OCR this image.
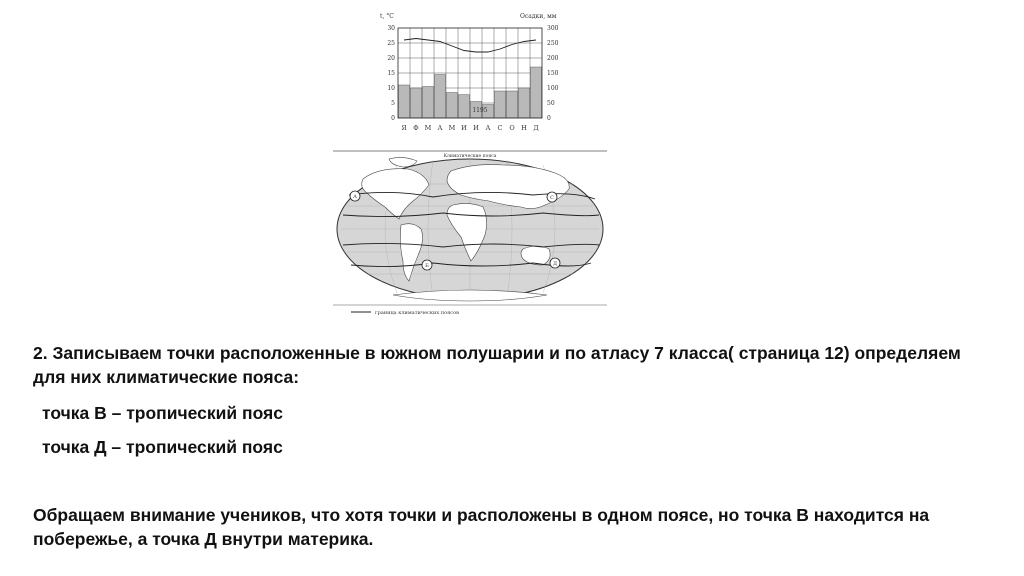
t, °С	Осадки, мм
30
25
20
15
10
5
0
300
250
200
150
100
50
0
1195
Я Ф М А М И И А С О Н Д
Климатические пояса
А	С
Б	Д
граница климатических поясов

2. Записываем точки расположенные в южном полушарии и по атласу 7 класса( страница 12) определяем для них климатические пояса:

точка В – тропический пояс

точка Д – тропический пояс

Обращаем внимание учеников, что хотя точки и расположены в одном поясе, но точка В находится на побережье, а точка Д внутри материка.
